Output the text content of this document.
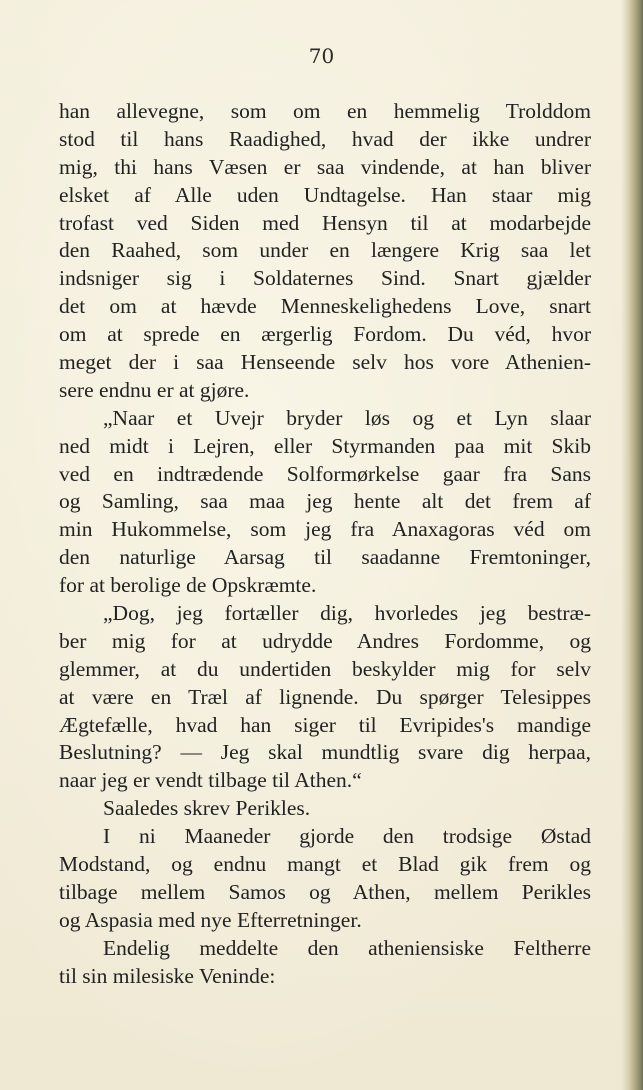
70
han allevegne, som om en hemmelig Trolddom
stod til hans Raadighed, hvad der ikke undrer
mig, thi hans Væsen er saa vindende, at han bliver
elsket af Alle uden Undtagelse. Han staar mig
trofast ved Siden med Hensyn til at modarbejde
den Raahed, som under en længere Krig saa let
indsniger sig i Soldaternes Sind. Snart gjælder
det om at hævde Menneskelighedens Love, snart
om at sprede en ærgerlig Fordom. Du véd, hvor
meget der i saa Henseende selv hos vore Athenien-
sere endnu er at gjøre.
„Naar et Uvejr bryder løs og et Lyn slaar
ned midt i Lejren, eller Styrmanden paa mit Skib
ved en indtrædende Solformørkelse gaar fra Sans
og Samling, saa maa jeg hente alt det frem af
min Hukommelse, som jeg fra Anaxagoras véd om
den naturlige Aarsag til saadanne Fremtoninger,
for at berolige de Opskræmte.
„Dog, jeg fortæller dig, hvorledes jeg bestræ-
ber mig for at udrydde Andres Fordomme, og
glemmer, at du undertiden beskylder mig for selv
at være en Træl af lignende. Du spørger Telesippes
Ægtefælle, hvad han siger til Evripides's mandige
Beslutning? — Jeg skal mundtlig svare dig herpaa,
naar jeg er vendt tilbage til Athen.“
Saaledes skrev Perikles.
I ni Maaneder gjorde den trodsige Østad
Modstand, og endnu mangt et Blad gik frem og
tilbage mellem Samos og Athen, mellem Perikles
og Aspasia med nye Efterretninger.
Endelig meddelte den atheniensiske Feltherre
til sin milesiske Veninde:
